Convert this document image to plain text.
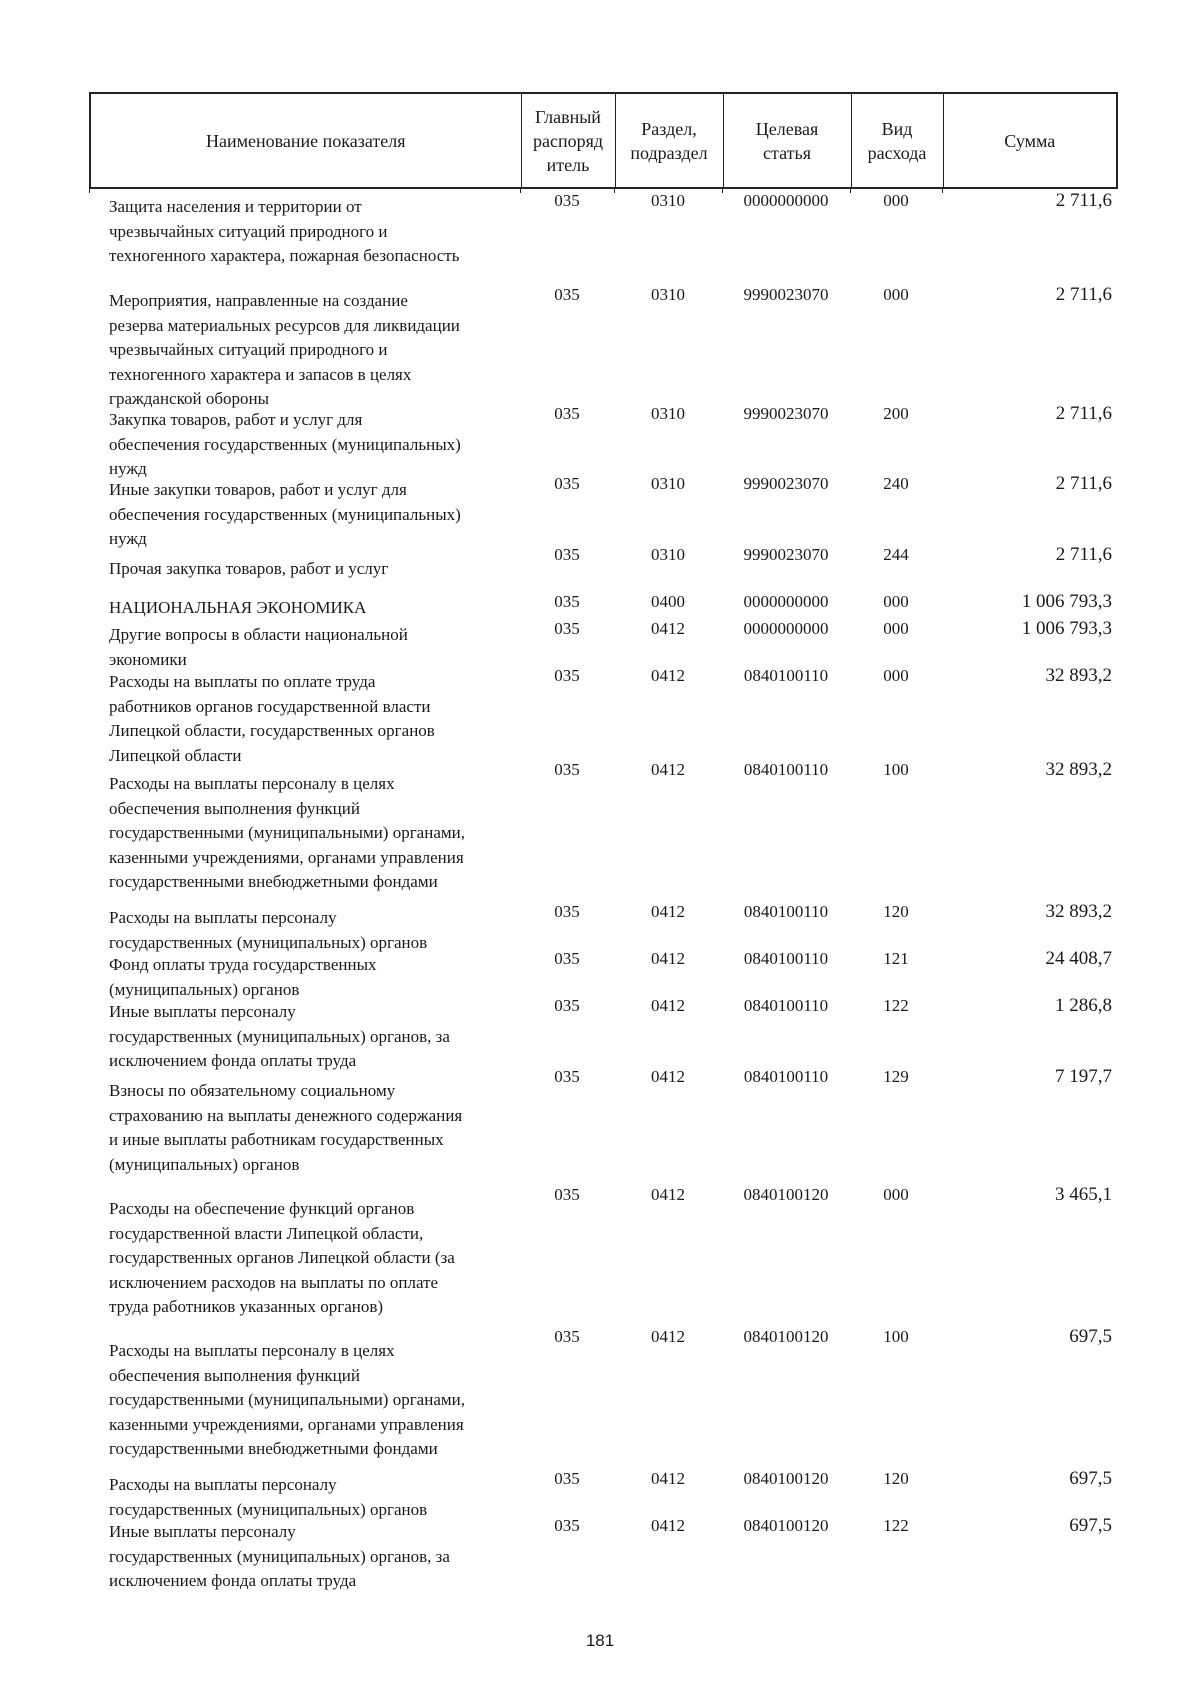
Наименование показателя	Главный
распоряд
итель	Раздел,
подраздел	Целевая
статья	Вид
расхода	Сумма
Защита населения и территории от
чрезвычайных ситуаций природного и
техногенного характера, пожарная безопасность
035	0310	0000000000	000	2 711,6
Мероприятия, направленные на создание
резерва материальных ресурсов для ликвидации
чрезвычайных ситуаций природного и
техногенного характера и запасов в целях
гражданской обороны
035	0310	9990023070	000	2 711,6
Закупка товаров, работ и услуг для
обеспечения государственных (муниципальных)
нужд
035	0310	9990023070	200	2 711,6
Иные закупки товаров, работ и услуг для
обеспечения государственных (муниципальных)
нужд
035	0310	9990023070	240	2 711,6
Прочая закупка товаров, работ и услуг
035	0310	9990023070	244	2 711,6
НАЦИОНАЛЬНАЯ ЭКОНОМИКА	035	0400	0000000000	000	1 006 793,3
Другие вопросы в области национальной
экономики
035	0412	0000000000	000	1 006 793,3
Расходы на выплаты по оплате труда
работников органов государственной власти
Липецкой области, государственных органов
Липецкой области
035	0412	0840100110	000	32 893,2
Расходы на выплаты персоналу в целях
обеспечения выполнения функций
государственными (муниципальными) органами,
казенными учреждениями, органами управления
государственными внебюджетными фондами
035	0412	0840100110	100	32 893,2
Расходы на выплаты персоналу
государственных (муниципальных) органов
035	0412	0840100110	120	32 893,2
Фонд оплаты труда государственных
(муниципальных) органов
035	0412	0840100110	121	24 408,7
Иные выплаты персоналу
государственных (муниципальных) органов, за
исключением фонда оплаты труда
035	0412	0840100110	122	1 286,8
Взносы по обязательному социальному
страхованию на выплаты денежного содержания
и иные выплаты работникам государственных
(муниципальных) органов
035	0412	0840100110	129	7 197,7
Расходы на обеспечение функций органов
государственной власти Липецкой области,
государственных органов Липецкой области (за
исключением расходов на выплаты по оплате
труда работников указанных органов)
035	0412	0840100120	000	3 465,1
Расходы на выплаты персоналу в целях
обеспечения выполнения функций
государственными (муниципальными) органами,
казенными учреждениями, органами управления
государственными внебюджетными фондами
035	0412	0840100120	100	697,5
Расходы на выплаты персоналу
государственных (муниципальных) органов
035	0412	0840100120	120	697,5
Иные выплаты персоналу
государственных (муниципальных) органов, за
исключением фонда оплаты труда
035	0412	0840100120	122	697,5
181
